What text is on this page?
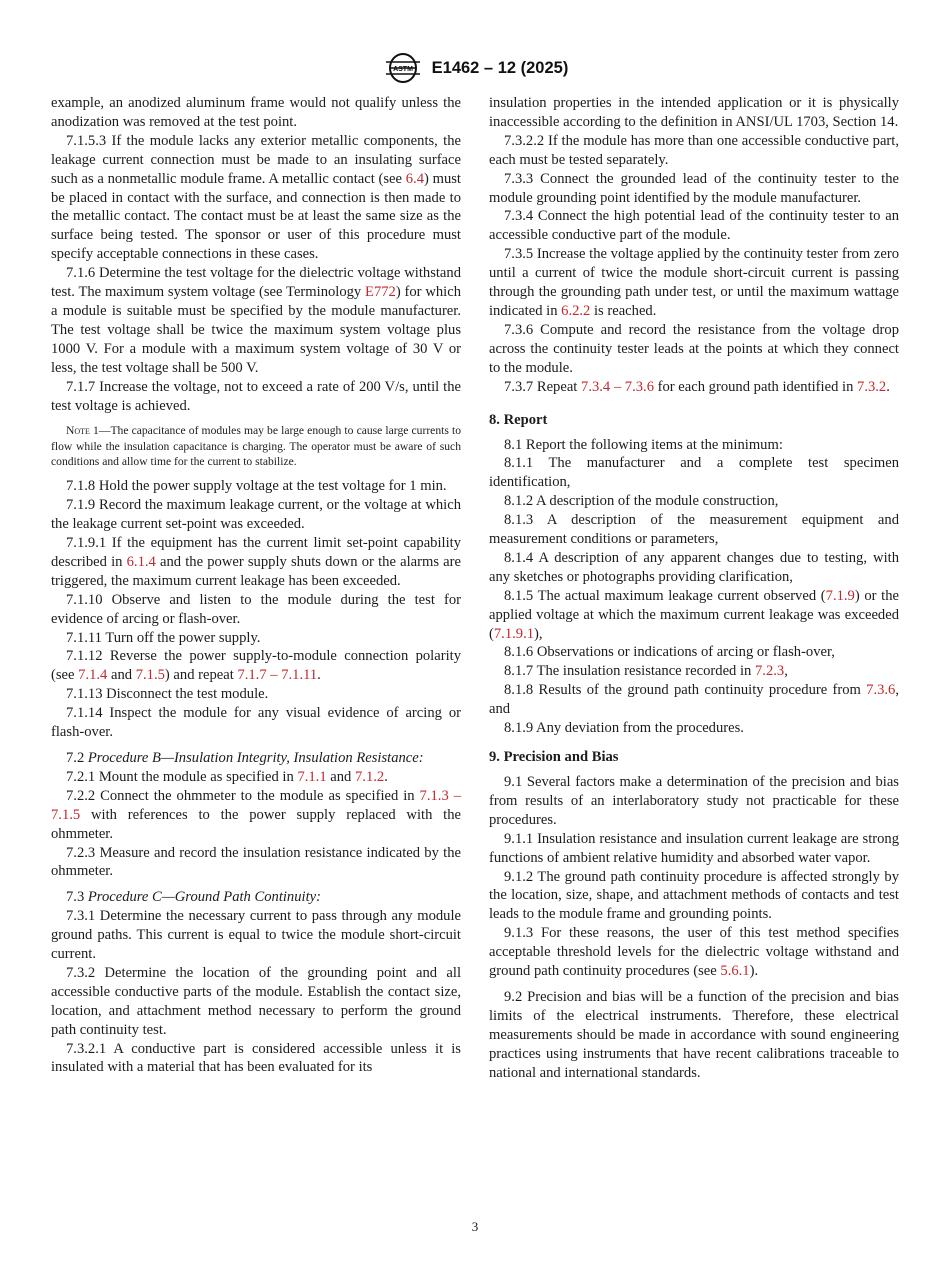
ASTM E1462 – 12 (2025)

example, an anodized aluminum frame would not qualify unless the anodization was removed at the test point.

7.1.5.3 If the module lacks any exterior metallic components, the leakage current connection must be made to an insulating surface such as a nonmetallic module frame. A metallic contact (see 6.4) must be placed in contact with the surface, and connection is then made to the metallic contact. The contact must be at least the same size as the surface being tested. The sponsor or user of this procedure must specify acceptable connections in these cases.

7.1.6 Determine the test voltage for the dielectric voltage withstand test. The maximum system voltage (see Terminology E772) for which a module is suitable must be specified by the module manufacturer. The test voltage shall be twice the maximum system voltage plus 1000 V. For a module with a maximum system voltage of 30 V or less, the test voltage shall be 500 V.

7.1.7 Increase the voltage, not to exceed a rate of 200 V/s, until the test voltage is achieved.

Note 1—The capacitance of modules may be large enough to cause large currents to flow while the insulation capacitance is charging. The operator must be aware of such conditions and allow time for the current to stabilize.

7.1.8 Hold the power supply voltage at the test voltage for 1 min.

7.1.9 Record the maximum leakage current, or the voltage at which the leakage current set-point was exceeded.

7.1.9.1 If the equipment has the current limit set-point capability described in 6.1.4 and the power supply shuts down or the alarms are triggered, the maximum current leakage has been exceeded.

7.1.10 Observe and listen to the module during the test for evidence of arcing or flash-over.

7.1.11 Turn off the power supply.

7.1.12 Reverse the power supply-to-module connection polarity (see 7.1.4 and 7.1.5) and repeat 7.1.7 – 7.1.11.

7.1.13 Disconnect the test module.

7.1.14 Inspect the module for any visual evidence of arcing or flash-over.

7.2 Procedure B—Insulation Integrity, Insulation Resistance:

7.2.1 Mount the module as specified in 7.1.1 and 7.1.2.

7.2.2 Connect the ohmmeter to the module as specified in 7.1.3 – 7.1.5 with references to the power supply replaced with the ohmmeter.

7.2.3 Measure and record the insulation resistance indicated by the ohmmeter.

7.3 Procedure C—Ground Path Continuity:

7.3.1 Determine the necessary current to pass through any module ground paths. This current is equal to twice the module short-circuit current.

7.3.2 Determine the location of the grounding point and all accessible conductive parts of the module. Establish the contact size, location, and attachment method necessary to perform the ground path continuity test.

7.3.2.1 A conductive part is considered accessible unless it is insulated with a material that has been evaluated for its

insulation properties in the intended application or it is physically inaccessible according to the definition in ANSI/UL 1703, Section 14.

7.3.2.2 If the module has more than one accessible conductive part, each must be tested separately.

7.3.3 Connect the grounded lead of the continuity tester to the module grounding point identified by the module manufacturer.

7.3.4 Connect the high potential lead of the continuity tester to an accessible conductive part of the module.

7.3.5 Increase the voltage applied by the continuity tester from zero until a current of twice the module short-circuit current is passing through the grounding path under test, or until the maximum wattage indicated in 6.2.2 is reached.

7.3.6 Compute and record the resistance from the voltage drop across the continuity tester leads at the points at which they connect to the module.

7.3.7 Repeat 7.3.4 – 7.3.6 for each ground path identified in 7.3.2.

8. Report

8.1 Report the following items at the minimum:

8.1.1 The manufacturer and a complete test specimen identification,

8.1.2 A description of the module construction,

8.1.3 A description of the measurement equipment and measurement conditions or parameters,

8.1.4 A description of any apparent changes due to testing, with any sketches or photographs providing clarification,

8.1.5 The actual maximum leakage current observed (7.1.9) or the applied voltage at which the maximum current leakage was exceeded (7.1.9.1),

8.1.6 Observations or indications of arcing or flash-over,

8.1.7 The insulation resistance recorded in 7.2.3,

8.1.8 Results of the ground path continuity procedure from 7.3.6, and

8.1.9 Any deviation from the procedures.

9. Precision and Bias

9.1 Several factors make a determination of the precision and bias from results of an interlaboratory study not practicable for these procedures.

9.1.1 Insulation resistance and insulation current leakage are strong functions of ambient relative humidity and absorbed water vapor.

9.1.2 The ground path continuity procedure is affected strongly by the location, size, shape, and attachment methods of contacts and test leads to the module frame and grounding points.

9.1.3 For these reasons, the user of this test method specifies acceptable threshold levels for the dielectric voltage withstand and ground path continuity procedures (see 5.6.1).

9.2 Precision and bias will be a function of the precision and bias limits of the electrical instruments. Therefore, these electrical measurements should be made in accordance with sound engineering practices using instruments that have recent calibrations traceable to national and international standards.

3
